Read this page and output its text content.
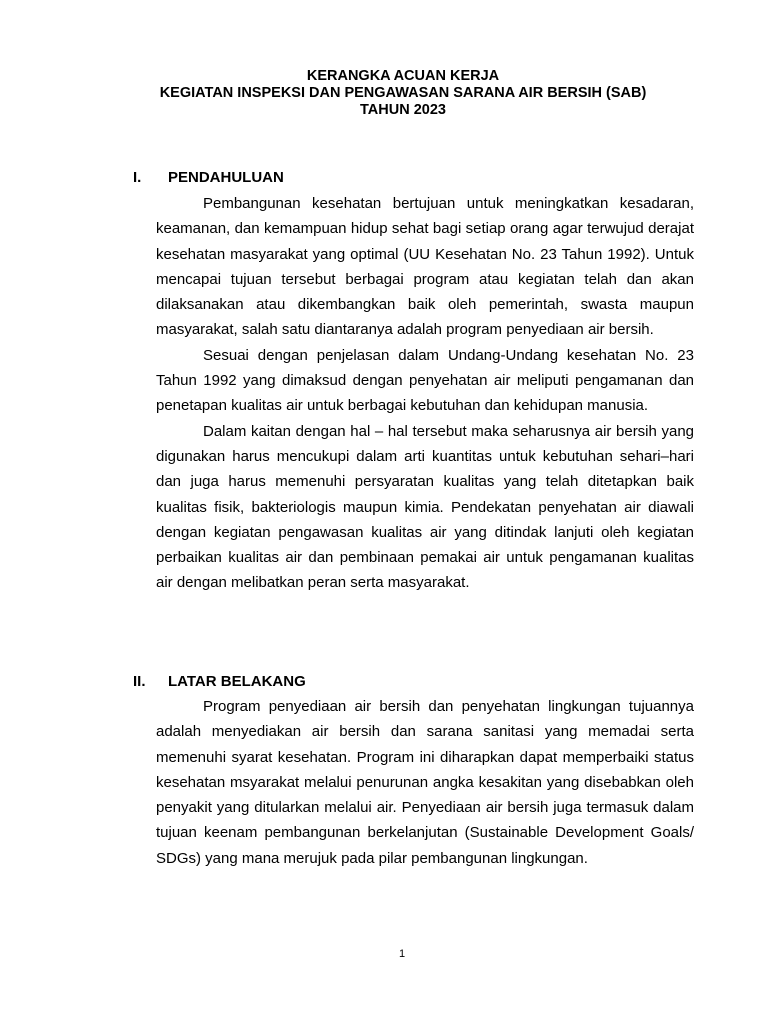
KERANGKA ACUAN KERJA
KEGIATAN INSPEKSI DAN PENGAWASAN SARANA AIR BERSIH (SAB)
TAHUN 2023
I. PENDAHULUAN

Pembangunan kesehatan bertujuan untuk meningkatkan kesadaran, keamanan, dan kemampuan hidup sehat bagi setiap orang agar terwujud derajat kesehatan masyarakat yang optimal (UU Kesehatan No. 23 Tahun 1992). Untuk mencapai tujuan tersebut berbagai program atau kegiatan telah dan akan dilaksanakan atau dikembangkan baik oleh pemerintah, swasta maupun masyarakat, salah satu diantaranya adalah program penyediaan air bersih.

Sesuai dengan penjelasan dalam Undang-Undang kesehatan No. 23 Tahun 1992 yang dimaksud dengan penyehatan air meliputi pengamanan dan penetapan kualitas air untuk berbagai kebutuhan dan kehidupan manusia.

Dalam kaitan dengan hal – hal tersebut maka seharusnya air bersih yang digunakan harus mencukupi dalam arti kuantitas untuk kebutuhan sehari–hari dan juga harus memenuhi persyaratan kualitas yang telah ditetapkan baik kualitas fisik, bakteriologis maupun kimia. Pendekatan penyehatan air diawali dengan kegiatan pengawasan kualitas air yang ditindak lanjuti oleh kegiatan perbaikan kualitas air dan pembinaan pemakai air untuk pengamanan kualitas air dengan melibatkan peran serta masyarakat.

II. LATAR BELAKANG

Program penyediaan air bersih dan penyehatan lingkungan tujuannya adalah menyediakan air bersih dan sarana sanitasi yang memadai serta memenuhi syarat kesehatan. Program ini diharapkan dapat memperbaiki status kesehatan msyarakat melalui penurunan angka kesakitan yang disebabkan oleh penyakit yang ditularkan melalui air. Penyediaan air bersih juga termasuk dalam tujuan keenam pembangunan berkelanjutan (Sustainable Development Goals/ SDGs) yang mana merujuk pada pilar pembangunan lingkungan.

1
